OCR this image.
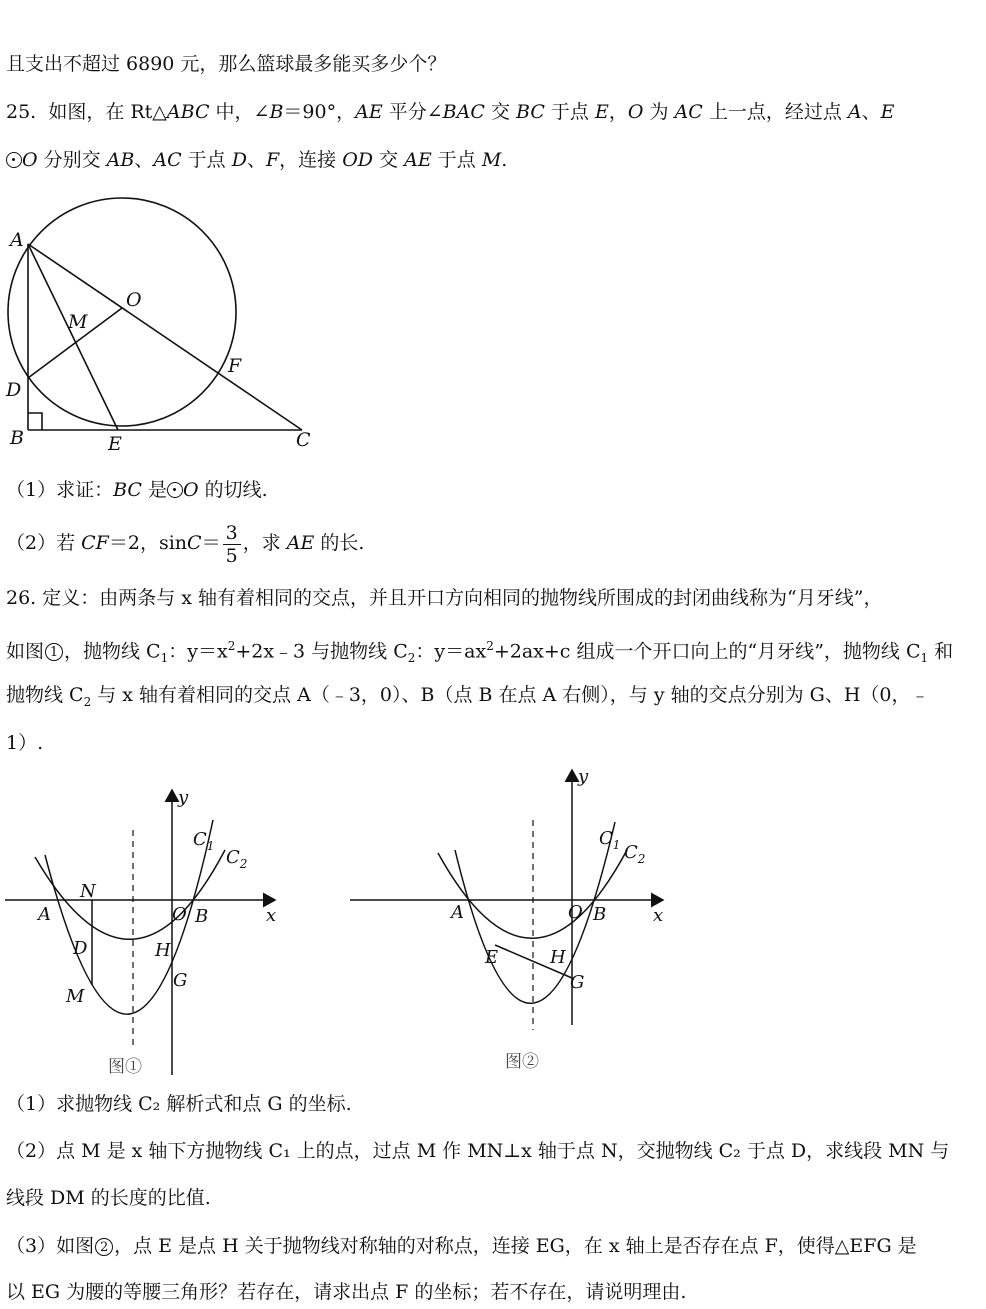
且支出不超过 6890 元，那么篮球最多能买多少个？
25. 如图，在 Rt△ABC 中，∠B＝90°，AE 平分∠BAC 交 BC 于点 E，O 为 AC 上一点，经过点 A、E
O 分别交 AB、AC 于点 D、F，连接 OD 交 AE 于点 M.
A
O
M
F
D
B	E	C
（1）求证：BC 是 O 的切线.
（2）若 CF＝2，$\sin C= \frac{3}{5}$ ，求 AE 的长.
26. 定义：由两条与 x 轴有着相同的交点，并且开口方向相同的抛物线所围成的封闭曲线称为“月牙线”，
如图 1 ，抛物线 $C_1$：$y=x^2+2x﹣3$ 与抛物线 $C_2$：$y=ax^2+2ax+c$ 组成一个开口向上的“月牙线”，抛物线 $C_1$ 和
抛物线 $C_2$ 与 x 轴有着相同的交点 A（﹣3，0）、B（点 B 在点 A 右侧），与 y 轴的交点分别为 G、H（0，﹣
1）.
y
x
$C_1$
$C_2$
A
N
O B
D	H
G
M
图①
y
x
$C_1$ $C_2$
A	O B
E	H
G
图②
（1）求抛物线 C₂ 解析式和点 G 的坐标.
（2）点 M 是 x 轴下方抛物线 C₁ 上的点，过点 M 作 MN⊥x 轴于点 N，交抛物线 C₂ 于点 D，求线段 MN 与
线段 DM 的长度的比值.
（3）如图 2 ，点 E 是点 H 关于抛物线对称轴的对称点，连接 EG，在 x 轴上是否存在点 F，使得△EFG 是
以 EG 为腰的等腰三角形？若存在，请求出点 F 的坐标；若不存在，请说明理由.
